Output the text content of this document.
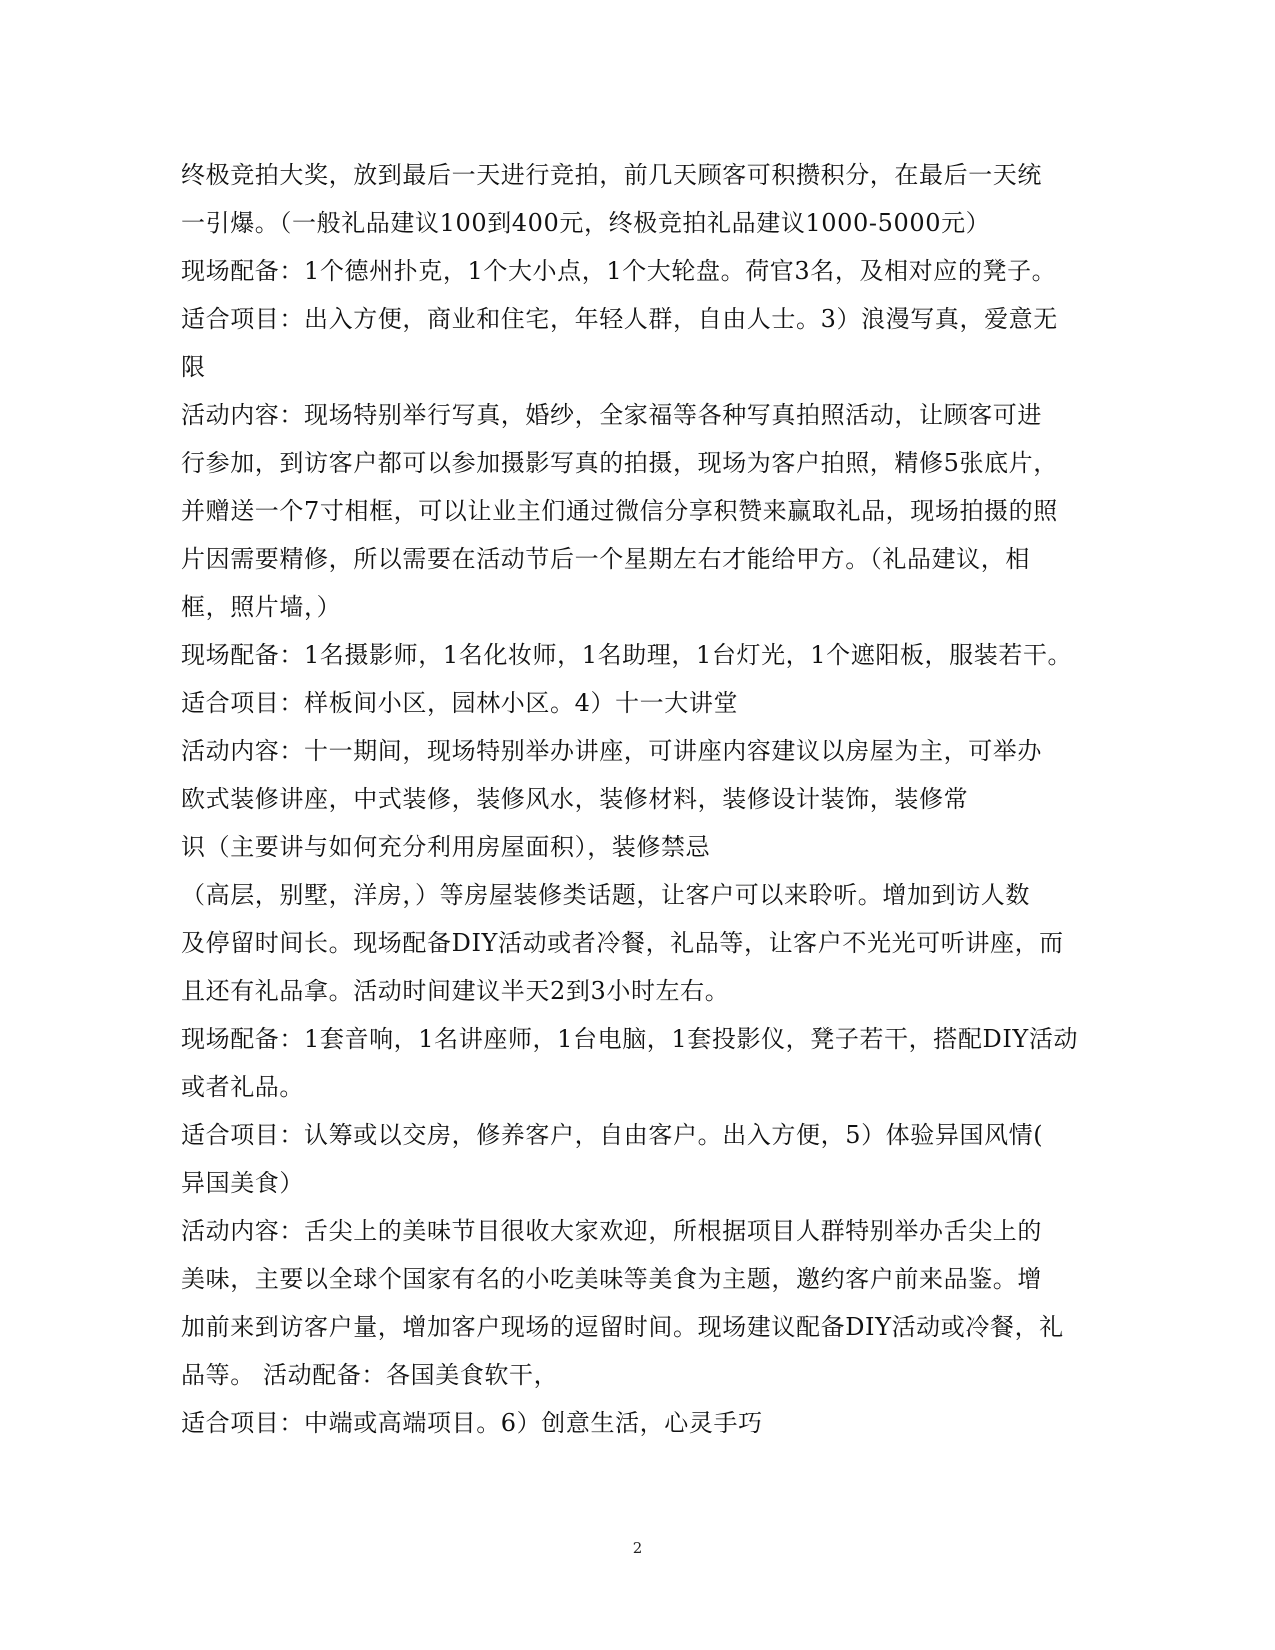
终极竞拍大奖，放到最后一天进行竞拍，前几天顾客可积攒积分，在最后一天统
一引爆。（一般礼品建议100到400元，终极竞拍礼品建议1000-5000元）
现场配备：1个德州扑克，1个大小点，1个大轮盘。荷官3名，及相对应的凳子。
适合项目：出入方便，商业和住宅，年轻人群，自由人士。3）浪漫写真，爱意无
限
活动内容：现场特别举行写真，婚纱，全家福等各种写真拍照活动，让顾客可进
行参加，到访客户都可以参加摄影写真的拍摄，现场为客户拍照，精修5张底片，
并赠送一个7寸相框，可以让业主们通过微信分享积赞来赢取礼品，现场拍摄的照
片因需要精修，所以需要在活动节后一个星期左右才能给甲方。（礼品建议，相
框，照片墙，）
现场配备：1名摄影师，1名化妆师，1名助理，1台灯光，1个遮阳板，服装若干。
适合项目：样板间小区，园林小区。4）十一大讲堂
活动内容：十一期间，现场特别举办讲座，可讲座内容建议以房屋为主，可举办
欧式装修讲座，中式装修，装修风水，装修材料，装修设计装饰，装修常
识（主要讲与如何充分利用房屋面积），装修禁忌
（高层，别墅，洋房，）等房屋装修类话题，让客户可以来聆听。增加到访人数
及停留时间长。现场配备DIY活动或者冷餐，礼品等，让客户不光光可听讲座，而
且还有礼品拿。活动时间建议半天2到3小时左右。
现场配备：1套音响，1名讲座师，1台电脑，1套投影仪，凳子若干，搭配DIY活动
或者礼品。
适合项目：认筹或以交房，修养客户，自由客户。出入方便，5）体验异国风情(
异国美食）
活动内容：舌尖上的美味节目很收大家欢迎，所根据项目人群特别举办舌尖上的
美味，主要以全球个国家有名的小吃美味等美食为主题，邀约客户前来品鉴。增
加前来到访客户量，增加客户现场的逗留时间。现场建议配备DIY活动或冷餐，礼
品等。 活动配备：各国美食软干，
适合项目：中端或高端项目。6）创意生活，心灵手巧
2
